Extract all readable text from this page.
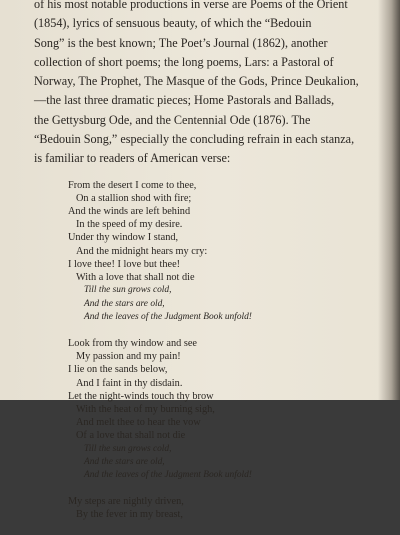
of his most notable productions in verse are Poems of the Orient
(1854), lyrics of sensuous beauty, of which the “Bedouin
Song” is the best known; The Poet’s Journal (1862), another
collection of short poems; the long poems, Lars: a Pastoral of
Norway, The Prophet, The Masque of the Gods, Prince Deukalion,
—the last three dramatic pieces; Home Pastorals and Ballads,
the Gettysburg Ode, and the Centennial Ode (1876). The
“Bedouin Song,” especially the concluding refrain in each stanza,
is familiar to readers of American verse:

From the desert I come to thee,
On a stallion shod with fire;
And the winds are left behind
In the speed of my desire.
Under thy window I stand,
And the midnight hears my cry:
I love thee! I love but thee!
With a love that shall not die
Till the sun grows cold,
And the stars are old,
And the leaves of the Judgment Book unfold!
Look from thy window and see
My passion and my pain!
I lie on the sands below,
And I faint in thy disdain.
Let the night-winds touch thy brow
With the heat of my burning sigh,
And melt thee to hear the vow
Of a love that shall not die
Till the sun grows cold,
And the stars are old,
And the leaves of the Judgment Book unfold!
My steps are nightly driven,
By the fever in my breast,
